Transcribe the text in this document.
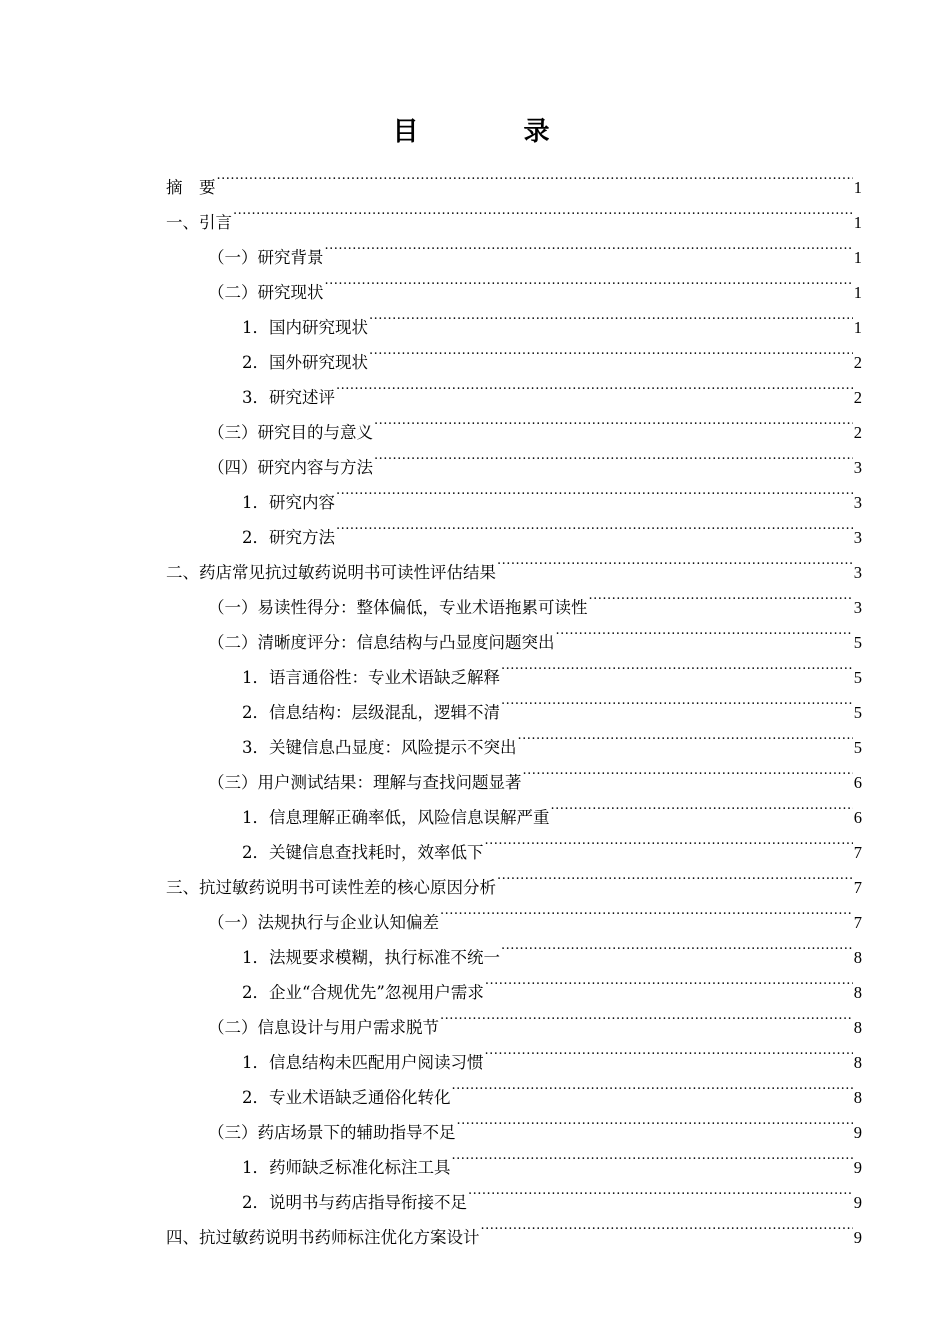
目 录
摘　要 .....	1
一、引言 .....	1
（一）研究背景 .....	1
（二）研究现状 .....	1
1．国内研究现状 .....	1
2．国外研究现状 .....	2
3．研究述评 .....	2
（三）研究目的与意义 .....	2
（四）研究内容与方法 .....	3
1．研究内容 .....	3
2．研究方法 .....	3
二、药店常见抗过敏药说明书可读性评估结果 .....	3
（一）易读性得分：整体偏低，专业术语拖累可读性 .....	3
（二）清晰度评分：信息结构与凸显度问题突出 .....	5
1．语言通俗性：专业术语缺乏解释 .....	5
2．信息结构：层级混乱，逻辑不清 .....	5
3．关键信息凸显度：风险提示不突出 .....	5
（三）用户测试结果：理解与查找问题显著 .....	6
1．信息理解正确率低，风险信息误解严重 .....	6
2．关键信息查找耗时，效率低下 .....	7
三、抗过敏药说明书可读性差的核心原因分析 .....	7
（一）法规执行与企业认知偏差 .....	7
1．法规要求模糊，执行标准不统一 .....	8
2．企业“合规优先”忽视用户需求 .....	8
（二）信息设计与用户需求脱节 .....	8
1．信息结构未匹配用户阅读习惯 .....	8
2．专业术语缺乏通俗化转化 .....	8
（三）药店场景下的辅助指导不足 .....	9
1．药师缺乏标准化标注工具 .....	9
2．说明书与药店指导衔接不足 .....	9
四、抗过敏药说明书药师标注优化方案设计 .....	9
